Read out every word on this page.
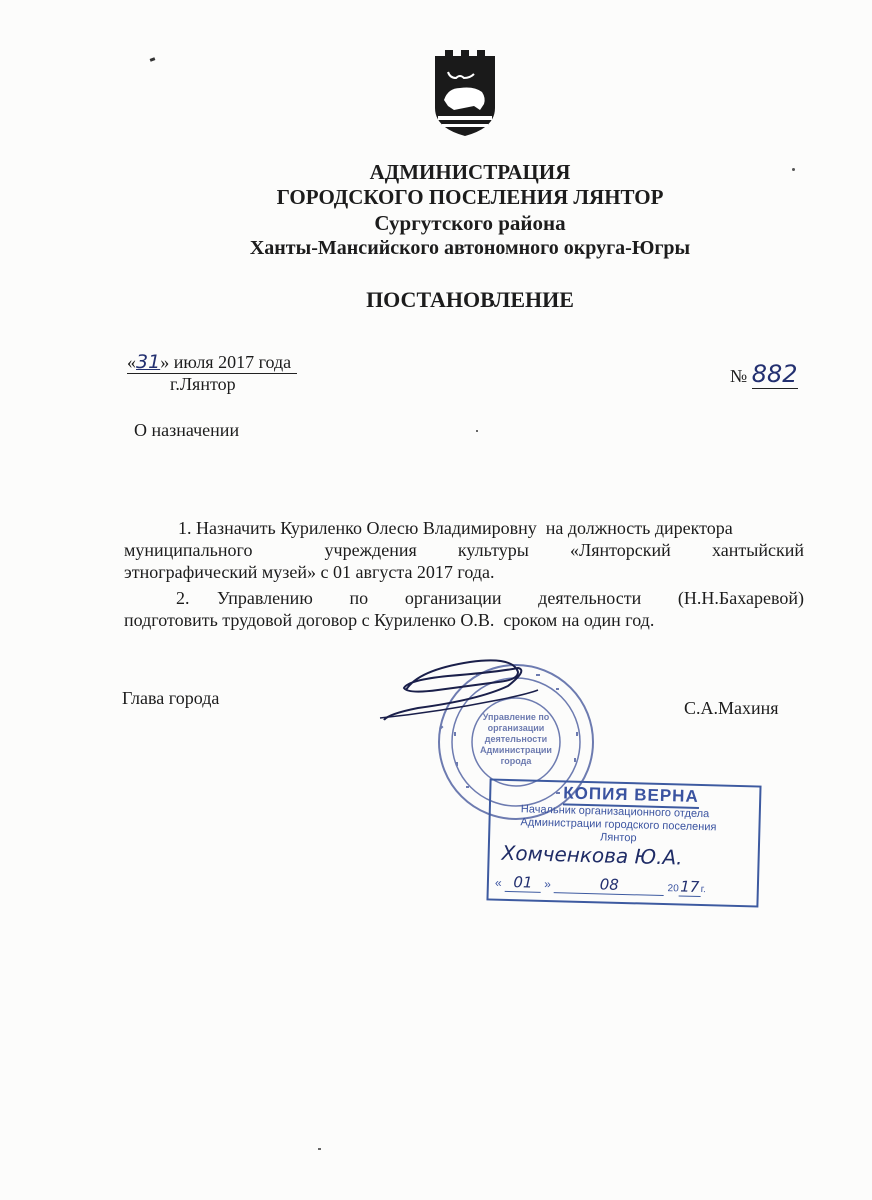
АДМИНИСТРАЦИЯ
ГОРОДСКОГО ПОСЕЛЕНИЯ ЛЯНТОР
Сургутского района
Ханты-Мансийского автономного округа-Югры
ПОСТАНОВЛЕНИЕ
«31» июля 2017 года
г.Лянтор	№ 882
О назначении
1. Назначить Куриленко Олесю Владимировну  на должность директора
муниципального       учреждения    культуры    «Лянторский    хантыйский
этнографический музей» с 01 августа 2017 года.
2.   Управлению    по    организации    деятельности    (Н.Н.Бахаревой)
подготовить трудовой договор с Куриленко О.В.  сроком на один год.
Глава города	С.А.Махиня
Управление по организации деятельности Администрации города
КОПИЯ ВЕРНА
Начальник организационного отдела
Администрации городского поселения
Лянтор
Хомченкова Ю.А.
« 01 »	08	2017г.
